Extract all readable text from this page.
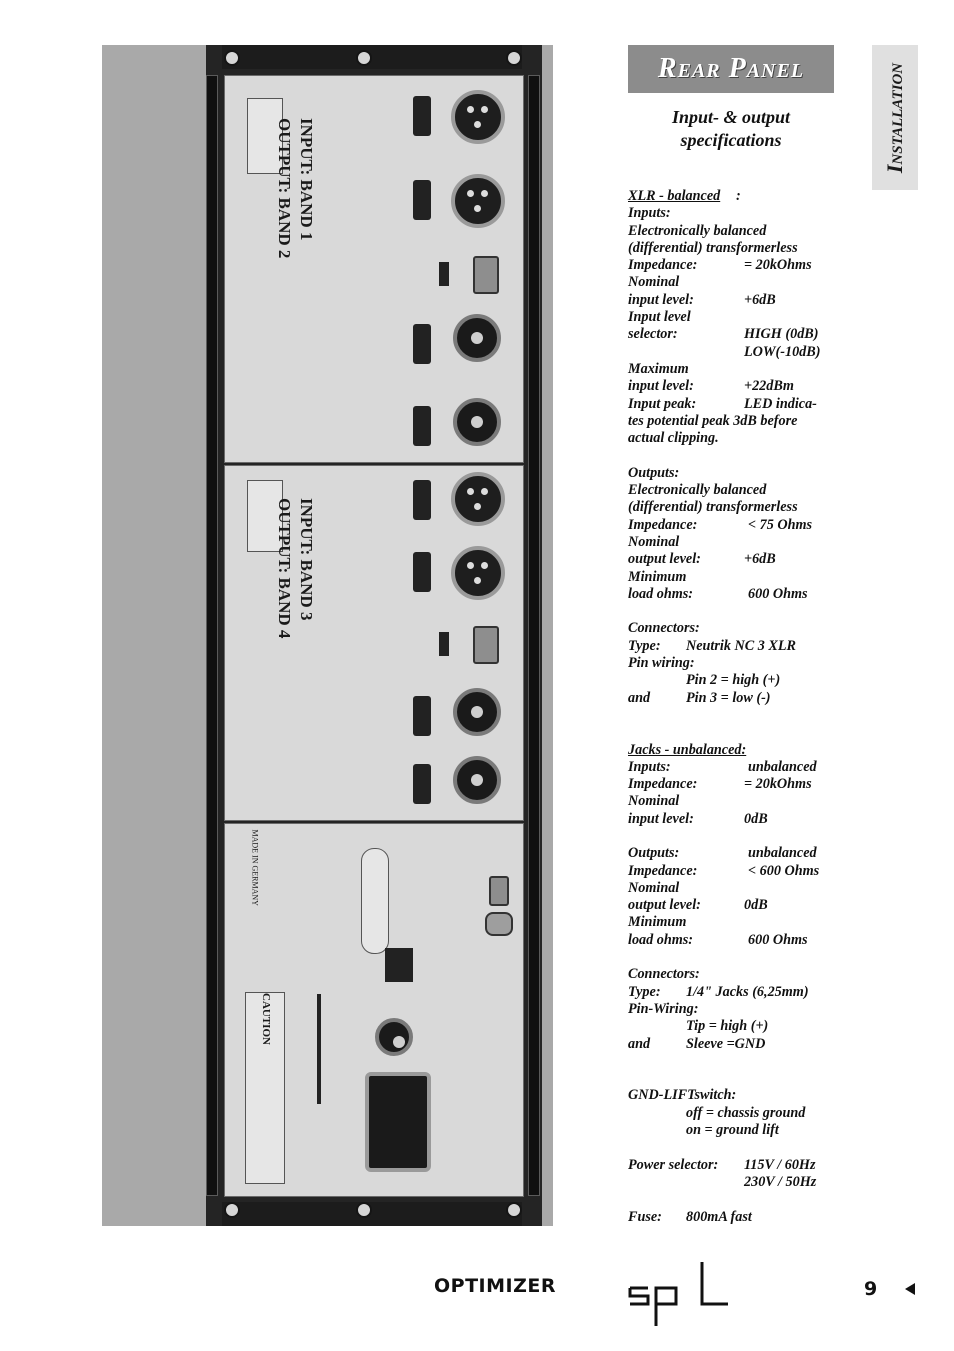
INPUT: BAND 1
OUTPUT: BAND 2
INPUT: BAND 3
OUTPUT: BAND 4
MADE IN GERMANY
CAUTION
Rear Panel	Installation
Input- & output
specifications
XLR - balanced :
Inputs:
Electronically balanced
(differential) transformerless
Impedance:	= 20kOhms
Nominal
input level:	+6dB
Input level
selector:	HIGH (0dB)
LOW(-10dB)
Maximum
input level:	+22dBm
Input peak:	LED indica-
tes potential peak 3dB before
actual clipping.
Outputs:
Electronically balanced
(differential) transformerless
Impedance:	< 75 Ohms
Nominal
output level:	+6dB
Minimum
load ohms:	600 Ohms
Connectors:
Type: Neutrik NC 3 XLR
Pin wiring:
Pin 2 = high (+)
and	Pin 3 = low (-)
Jacks - unbalanced:
Inputs:	unbalanced
Impedance:	= 20kOhms
Nominal
input level:	0dB
Outputs:	unbalanced
Impedance:	< 600 Ohms
Nominal
output level:	0dB
Minimum
load ohms:	600 Ohms
Connectors:
Type: 1/4" Jacks (6,25mm)
Pin-Wiring:
Tip = high (+)
and	Sleeve =GND
GND-LIFTswitch:
off = chassis ground
on = ground lift
Power selector: 115V / 60Hz
230V / 50Hz
Fuse: 800mA fast
OPTIMIZER
spl
9
